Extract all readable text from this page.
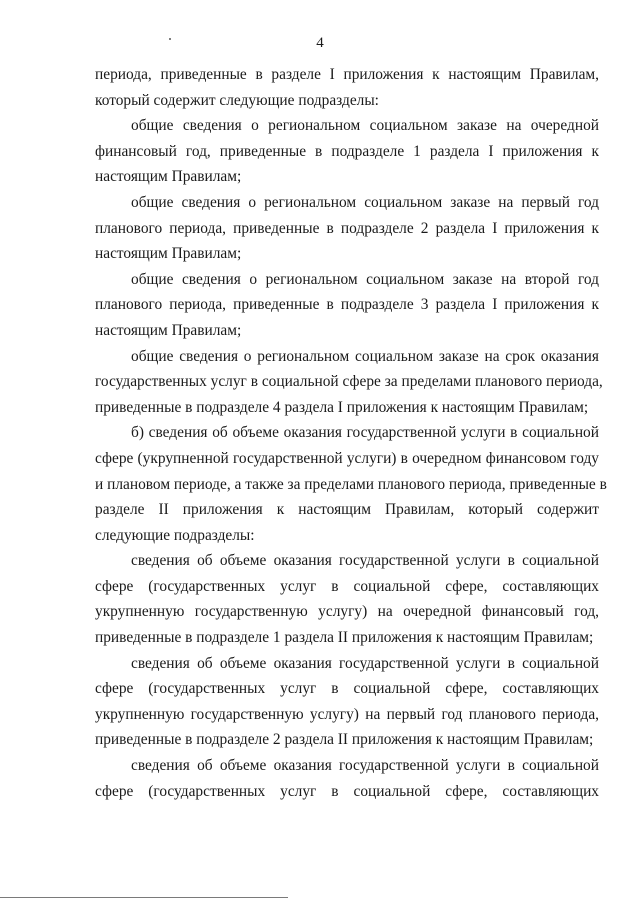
4
периода, приведенные в разделе I приложения к настоящим Правилам,
который содержит следующие подразделы:
общие сведения о региональном социальном заказе на очередной
финансовый год, приведенные в подразделе 1 раздела I приложения к
настоящим Правилам;
общие сведения о региональном социальном заказе на первый год
планового периода, приведенные в подразделе 2 раздела I приложения к
настоящим Правилам;
общие сведения о региональном социальном заказе на второй год
планового периода, приведенные в подразделе 3 раздела I приложения к
настоящим Правилам;
общие сведения о региональном социальном заказе на срок оказания
государственных услуг в социальной сфере за пределами планового периода,
приведенные в подразделе 4 раздела I приложения к настоящим Правилам;
б) сведения об объеме оказания государственной услуги в социальной
сфере (укрупненной государственной услуги) в очередном финансовом году
и плановом периоде, а также за пределами планового периода, приведенные в
разделе II приложения к настоящим Правилам, который содержит
следующие подразделы:
сведения об объеме оказания государственной услуги в социальной
сфере (государственных услуг в социальной сфере, составляющих
укрупненную государственную услугу) на очередной финансовый год,
приведенные в подразделе 1 раздела II приложения к настоящим Правилам;
сведения об объеме оказания государственной услуги в социальной
сфере (государственных услуг в социальной сфере, составляющих
укрупненную государственную услугу) на первый год планового периода,
приведенные в подразделе 2 раздела II приложения к настоящим Правилам;
сведения об объеме оказания государственной услуги в социальной
сфере (государственных услуг в социальной сфере, составляющих
